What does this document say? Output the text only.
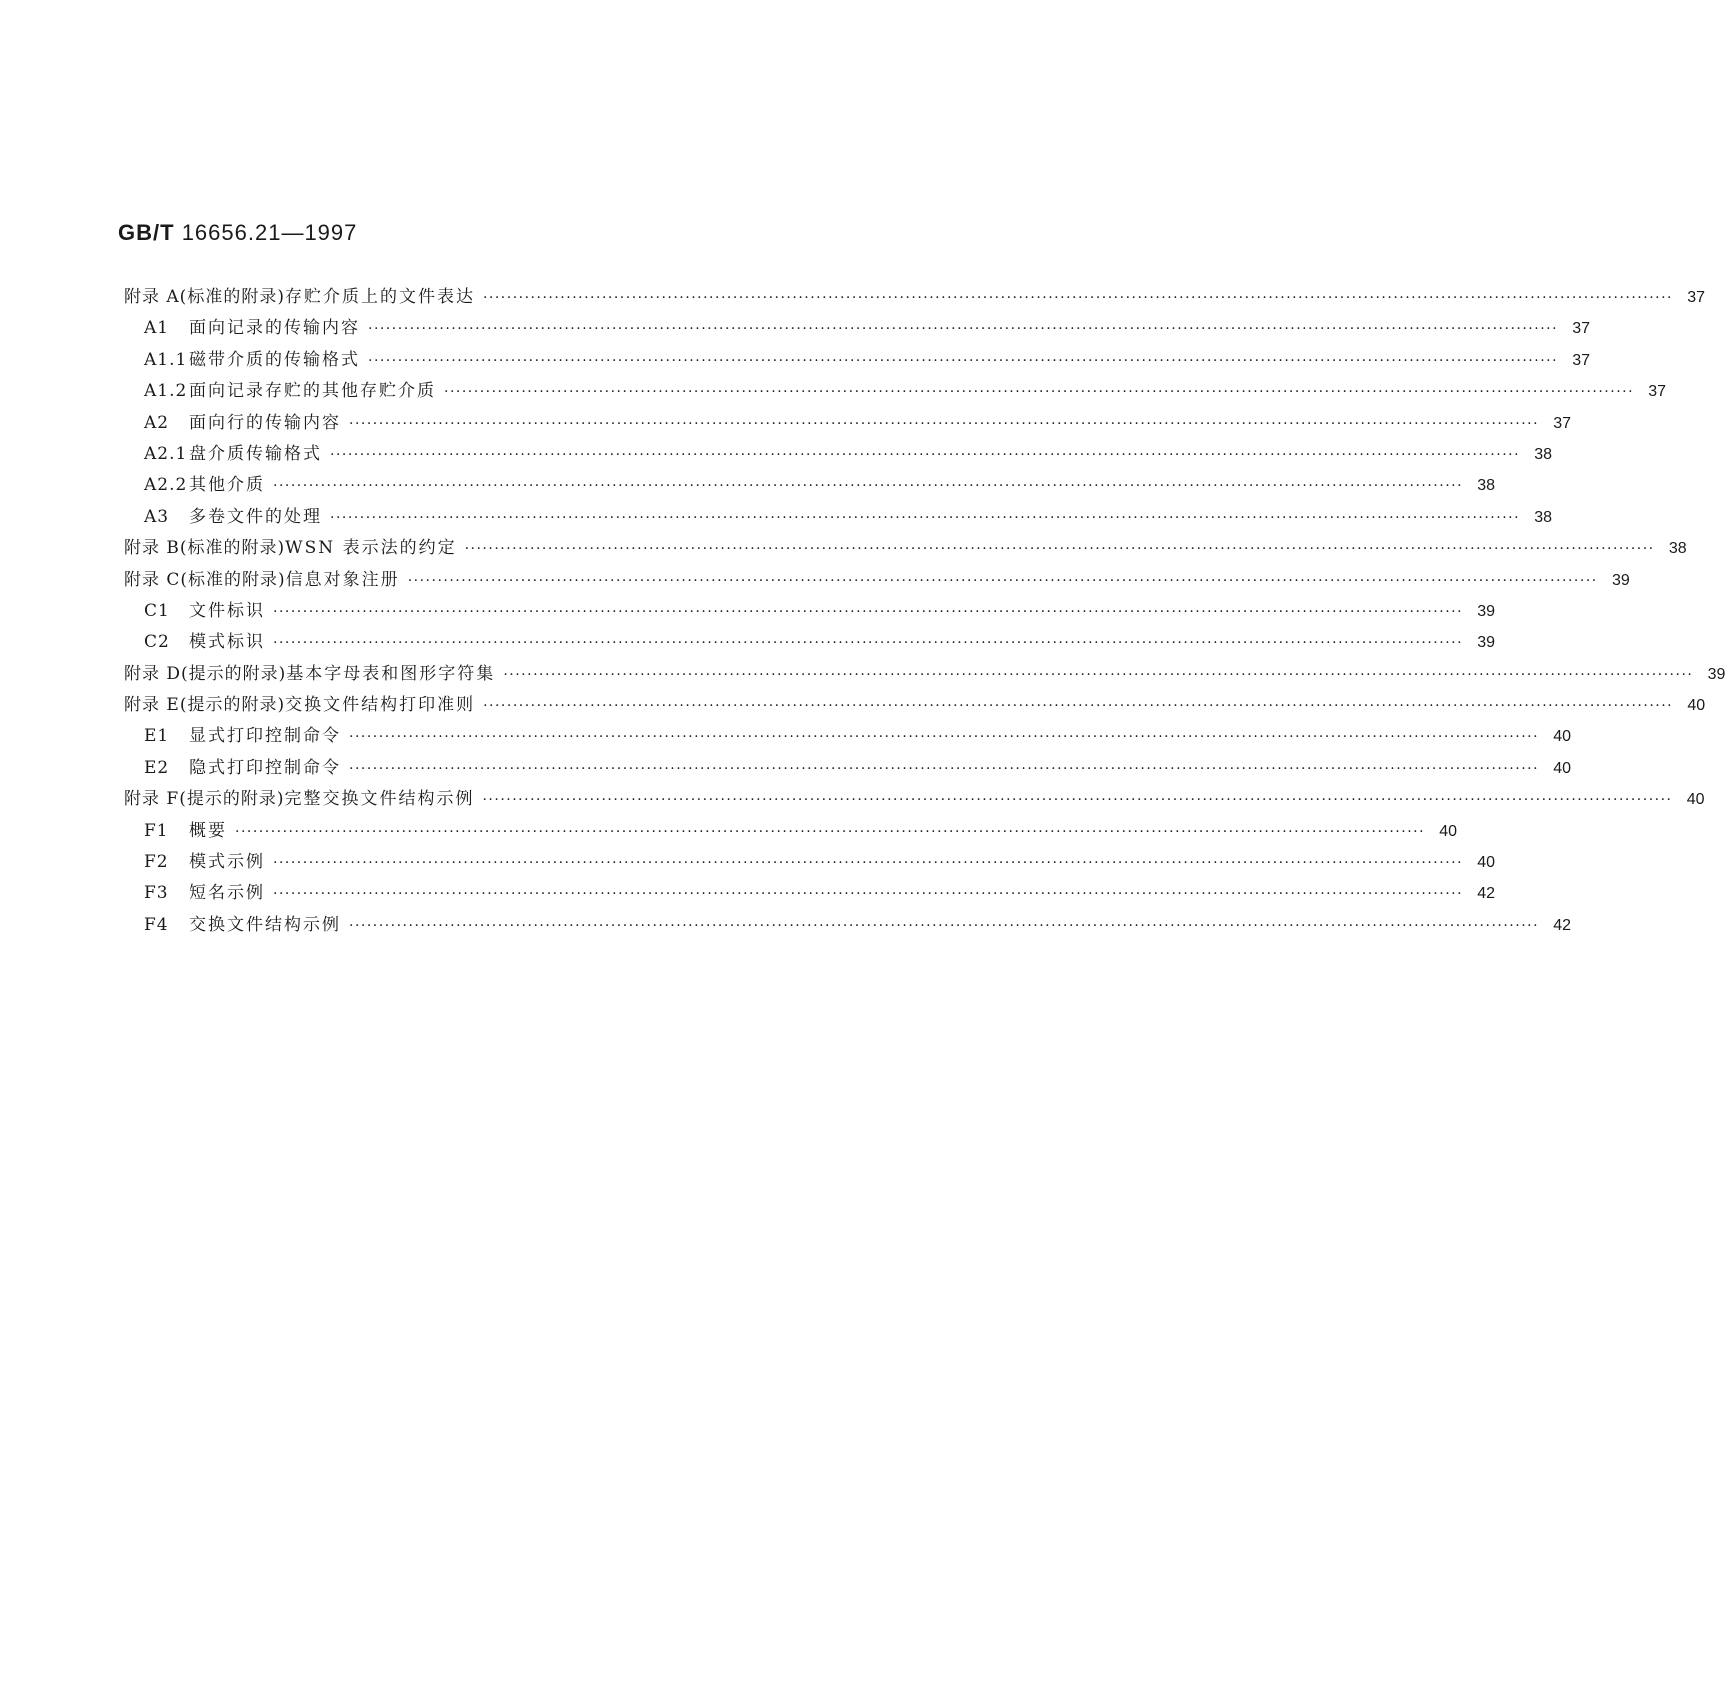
GB/T 16656.21—1997
附录 A(标准的附录) 存贮介质上的文件表达 ········································································································································································································ 37
A1	面向记录的传输内容 ········································································································································································································ 37
A1.1 磁带介质的传输格式 ········································································································································································································ 37
A1.2 面向记录存贮的其他存贮介质 ········································································································································································································ 37
A2	面向行的传输内容 ········································································································································································································ 37
A2.1 盘介质传输格式 ········································································································································································································ 38
A2.2 其他介质 ········································································································································································································ 38
A3	多卷文件的处理 ········································································································································································································ 38
附录 B(标准的附录) WSN 表示法的约定 ········································································································································································································ 38
附录 C(标准的附录) 信息对象注册 ········································································································································································································ 39
C1	文件标识 ········································································································································································································ 39
C2	模式标识 ········································································································································································································ 39
附录 D(提示的附录) 基本字母表和图形字符集 ········································································································································································································ 39
附录 E(提示的附录) 交换文件结构打印准则 ········································································································································································································ 40
E1	显式打印控制命令 ········································································································································································································ 40
E2	隐式打印控制命令 ········································································································································································································ 40
附录 F(提示的附录) 完整交换文件结构示例 ········································································································································································································ 40
F1	概要 ········································································································································································································ 40
F2	模式示例 ········································································································································································································ 40
F3	短名示例 ········································································································································································································ 42
F4	交换文件结构示例 ········································································································································································································ 42
